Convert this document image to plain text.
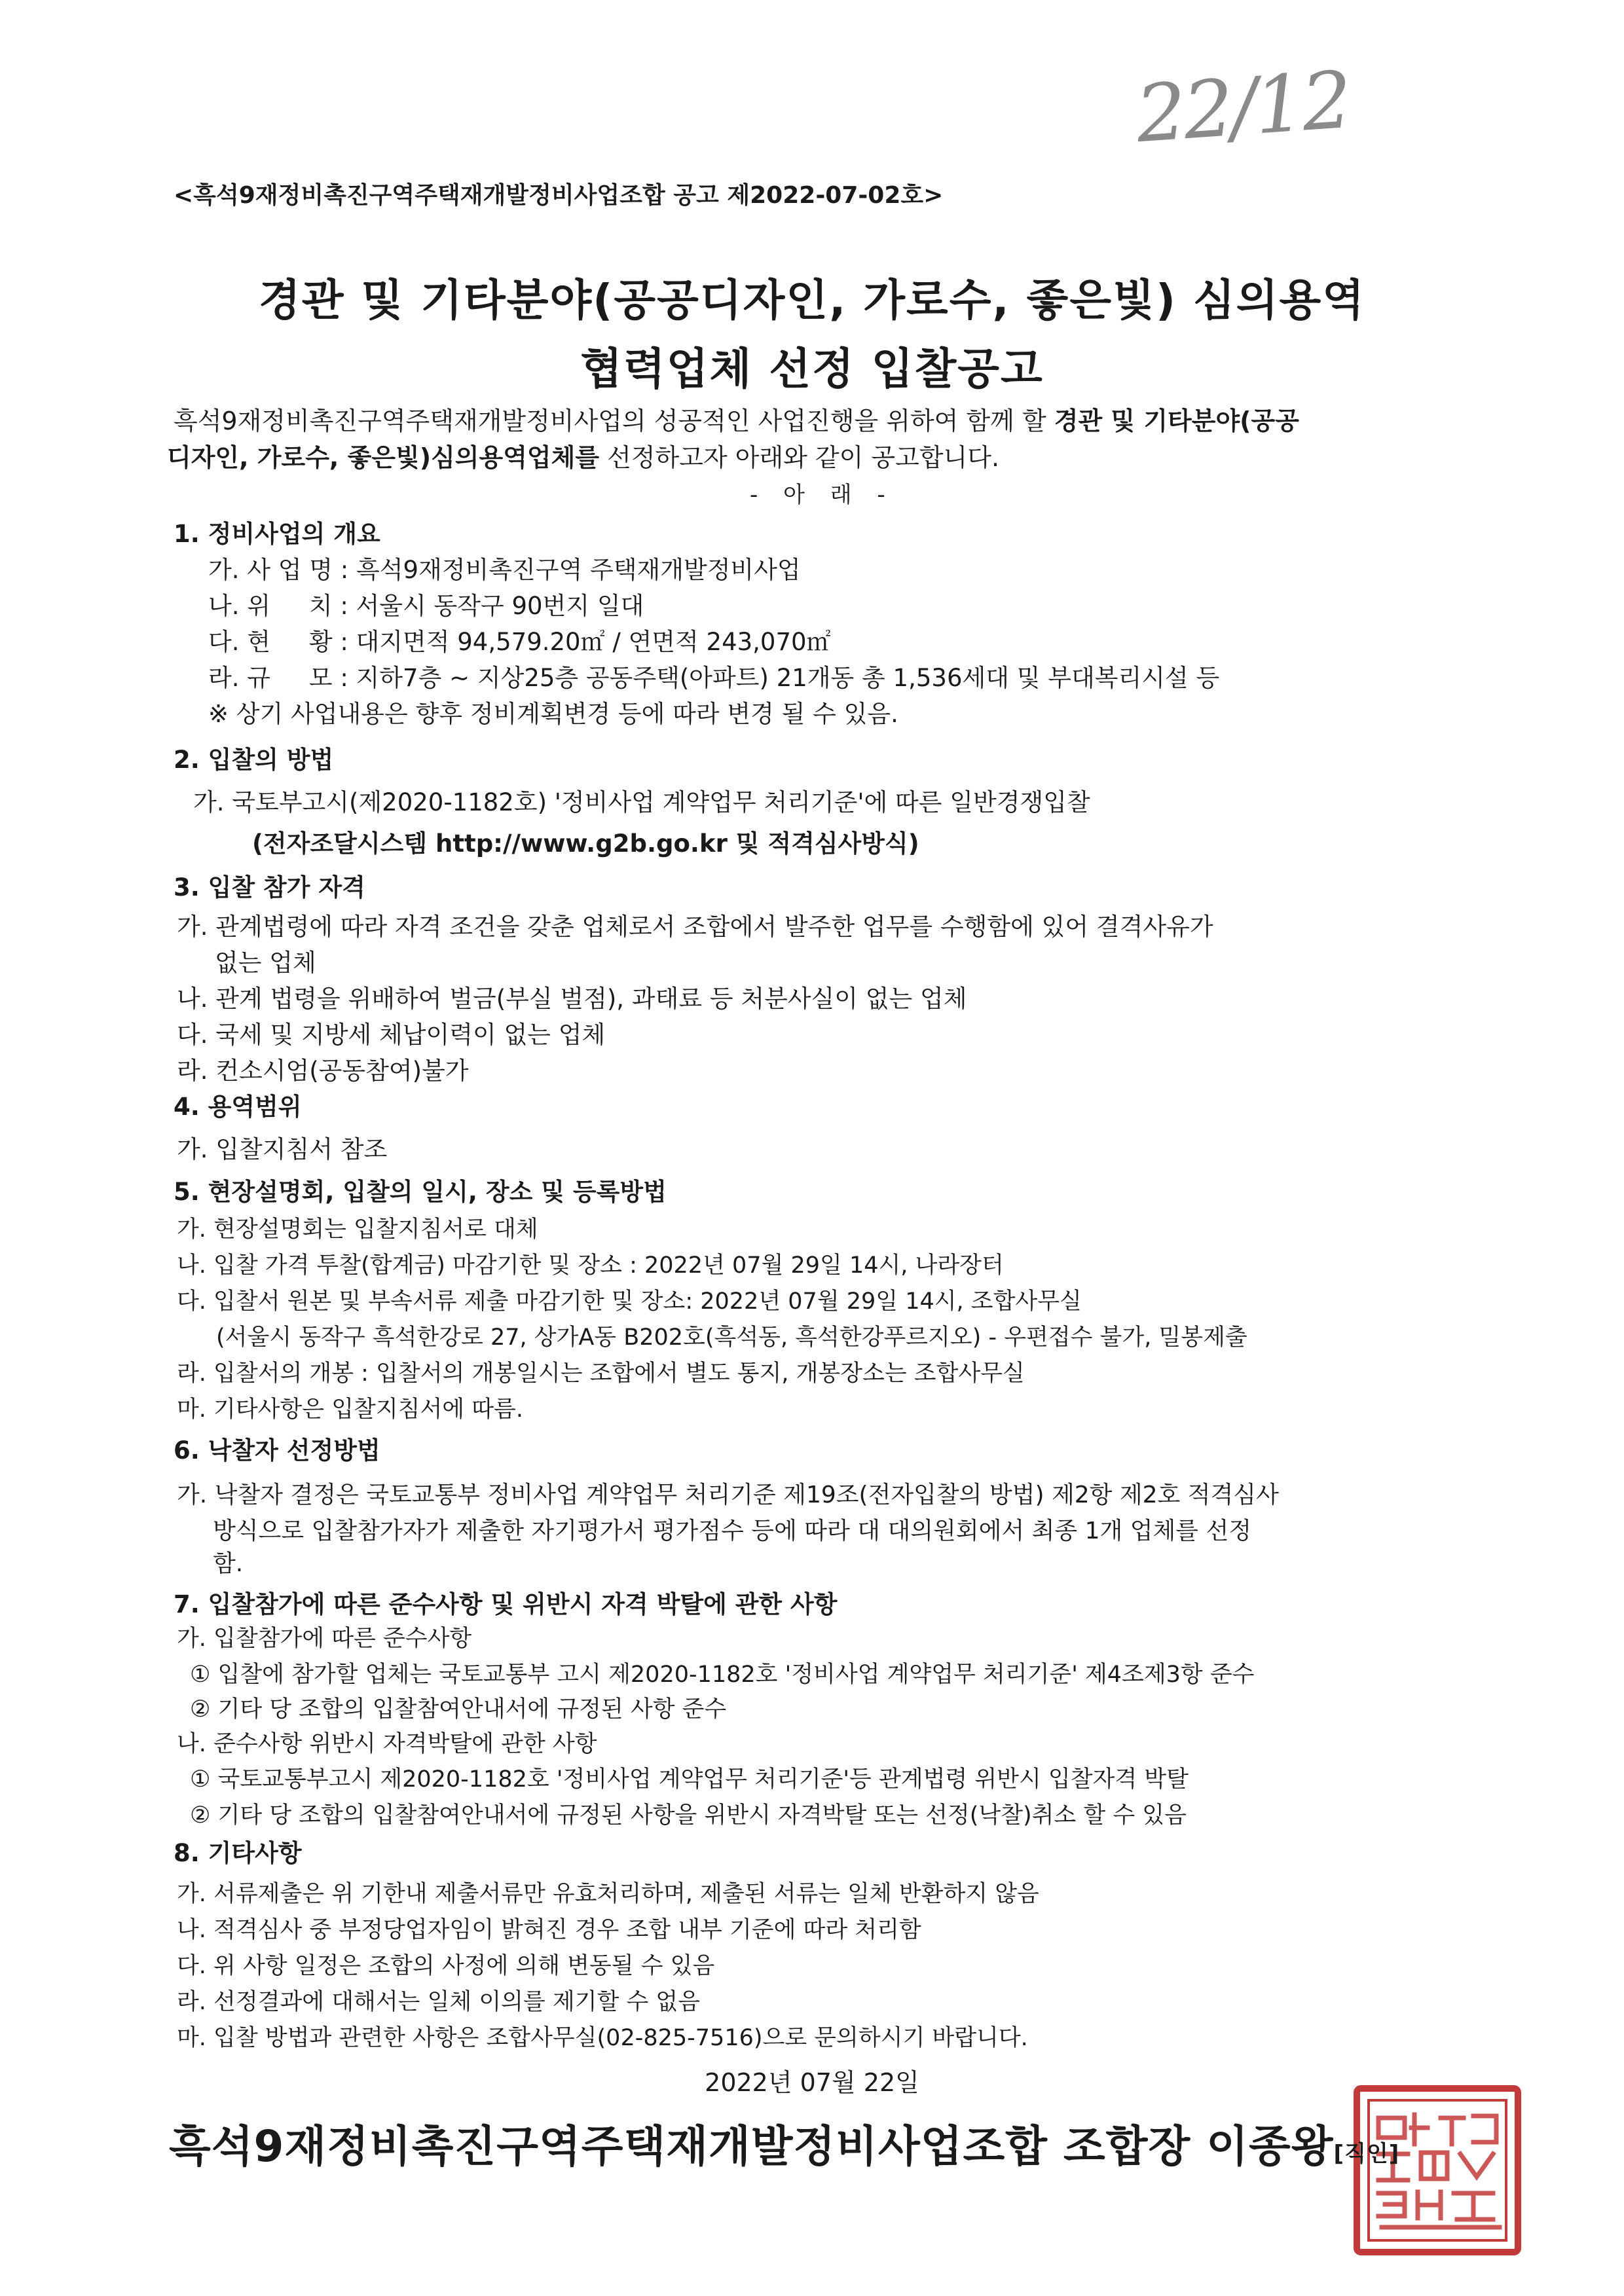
22/12
<흑석9재정비촉진구역주택재개발정비사업조합 공고 제2022-07-02호>
경관 및 기타분야(공공디자인, 가로수, 좋은빛) 심의용역
협력업체 선정 입찰공고
흑석9재정비촉진구역주택재개발정비사업의 성공적인 사업진행을 위하여 함께 할 경관 및 기타분야(공공
디자인, 가로수, 좋은빛)심의용역업체를 선정하고자 아래와 같이 공고합니다.
- 아 래 -
1. 정비사업의 개요
가. 사 업 명 : 흑석9재정비촉진구역 주택재개발정비사업
나. 위     치 : 서울시 동작구 90번지 일대
다. 현     황 : 대지면적 94,579.20㎡ / 연면적 243,070㎡
라. 규     모 : 지하7층 ~ 지상25층 공동주택(아파트) 21개동 총 1,536세대 및 부대복리시설 등
※ 상기 사업내용은 향후 정비계획변경 등에 따라 변경 될 수 있음.
2. 입찰의 방법
가. 국토부고시(제2020-1182호) '정비사업 계약업무 처리기준'에 따른 일반경쟁입찰
(전자조달시스템 http://www.g2b.go.kr 및 적격심사방식)
3. 입찰 참가 자격
가. 관계법령에 따라 자격 조건을 갖춘 업체로서 조합에서 발주한 업무를 수행함에 있어 결격사유가
없는 업체
나. 관계 법령을 위배하여 벌금(부실 벌점), 과태료 등 처분사실이 없는 업체
다. 국세 및 지방세 체납이력이 없는 업체
라. 컨소시엄(공동참여)불가
4. 용역범위
가. 입찰지침서 참조
5. 현장설명회, 입찰의 일시, 장소 및 등록방법
가. 현장설명회는 입찰지침서로 대체
나. 입찰 가격 투찰(합계금) 마감기한 및 장소 : 2022년 07월 29일 14시, 나라장터
다. 입찰서 원본 및 부속서류 제출 마감기한 및 장소: 2022년 07월 29일 14시, 조합사무실
(서울시 동작구 흑석한강로 27, 상가A동 B202호(흑석동, 흑석한강푸르지오) - 우편접수 불가, 밀봉제출
라. 입찰서의 개봉 : 입찰서의 개봉일시는 조합에서 별도 통지, 개봉장소는 조합사무실
마. 기타사항은 입찰지침서에 따름.
6. 낙찰자 선정방법
가. 낙찰자 결정은 국토교통부 정비사업 계약업무 처리기준 제19조(전자입찰의 방법) 제2항 제2호 적격심사
방식으로 입찰참가자가 제출한 자기평가서 평가점수 등에 따라 대 대의원회에서 최종 1개 업체를 선정
함.
7. 입찰참가에 따른 준수사항 및 위반시 자격 박탈에 관한 사항
가. 입찰참가에 따른 준수사항
① 입찰에 참가할 업체는 국토교통부 고시 제2020-1182호 '정비사업 계약업무 처리기준' 제4조제3항 준수
② 기타 당 조합의 입찰참여안내서에 규정된 사항 준수
나. 준수사항 위반시 자격박탈에 관한 사항
① 국토교통부고시 제2020-1182호 '정비사업 계약업무 처리기준'등 관계법령 위반시 입찰자격 박탈
② 기타 당 조합의 입찰참여안내서에 규정된 사항을 위반시 자격박탈 또는 선정(낙찰)취소 할 수 있음
8. 기타사항
가. 서류제출은 위 기한내 제출서류만 유효처리하며, 제출된 서류는 일체 반환하지 않음
나. 적격심사 중 부정당업자임이 밝혀진 경우 조합 내부 기준에 따라 처리함
다. 위 사항 일정은 조합의 사정에 의해 변동될 수 있음
라. 선정결과에 대해서는 일체 이의를 제기할 수 없음
마. 입찰 방법과 관련한 사항은 조합사무실(02-825-7516)으로 문의하시기 바랍니다.
2022년 07월 22일
흑석9재정비촉진구역주택재개발정비사업조합 조합장 이종왕[직인]
